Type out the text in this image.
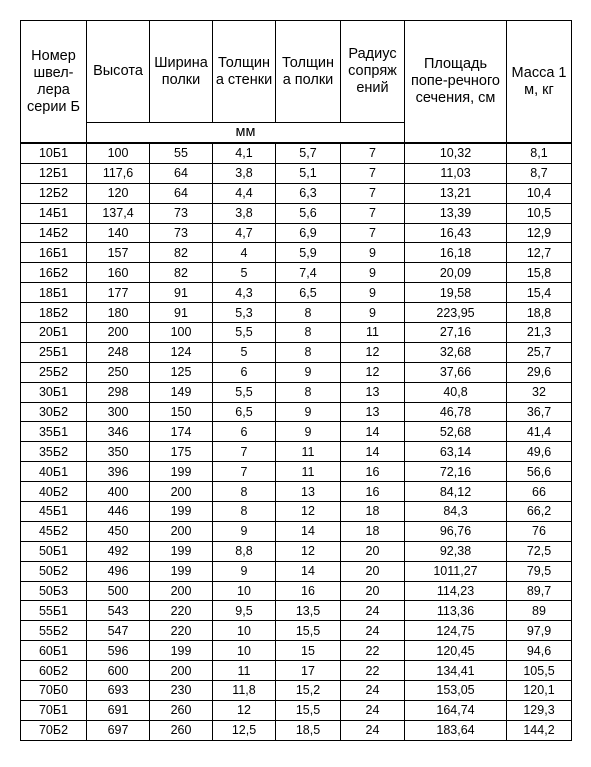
Номер швел-лера серии Б	Высота	Ширина полки	Толщин а стенки	Толщин а полки	Радиус сопряж ений	Площадь попе-речного сечения, см	Масса 1 м, кг
	мм						
10Б1	100	55	4,1	5,7	7	10,32	8,1
12Б1	117,6	64	3,8	5,1	7	11,03	8,7
12Б2	120	64	4,4	6,3	7	13,21	10,4
14Б1	137,4	73	3,8	5,6	7	13,39	10,5
14Б2	140	73	4,7	6,9	7	16,43	12,9
16Б1	157	82	4	5,9	9	16,18	12,7
16Б2	160	82	5	7,4	9	20,09	15,8
18Б1	177	91	4,3	6,5	9	19,58	15,4
18Б2	180	91	5,3	8	9	223,95	18,8
20Б1	200	100	5,5	8	11	27,16	21,3
25Б1	248	124	5	8	12	32,68	25,7
25Б2	250	125	6	9	12	37,66	29,6
30Б1	298	149	5,5	8	13	40,8	32
30Б2	300	150	6,5	9	13	46,78	36,7
35Б1	346	174	6	9	14	52,68	41,4
35Б2	350	175	7	11	14	63,14	49,6
40Б1	396	199	7	11	16	72,16	56,6
40Б2	400	200	8	13	16	84,12	66
45Б1	446	199	8	12	18	84,3	66,2
45Б2	450	200	9	14	18	96,76	76
50Б1	492	199	8,8	12	20	92,38	72,5
50Б2	496	199	9	14	20	1011,27	79,5
50Б3	500	200	10	16	20	114,23	89,7
55Б1	543	220	9,5	13,5	24	113,36	89
55Б2	547	220	10	15,5	24	124,75	97,9
60Б1	596	199	10	15	22	120,45	94,6
60Б2	600	200	11	17	22	134,41	105,5
70Б0	693	230	11,8	15,2	24	153,05	120,1
70Б1	691	260	12	15,5	24	164,74	129,3
70Б2	697	260	12,5	18,5	24	183,64	144,2
